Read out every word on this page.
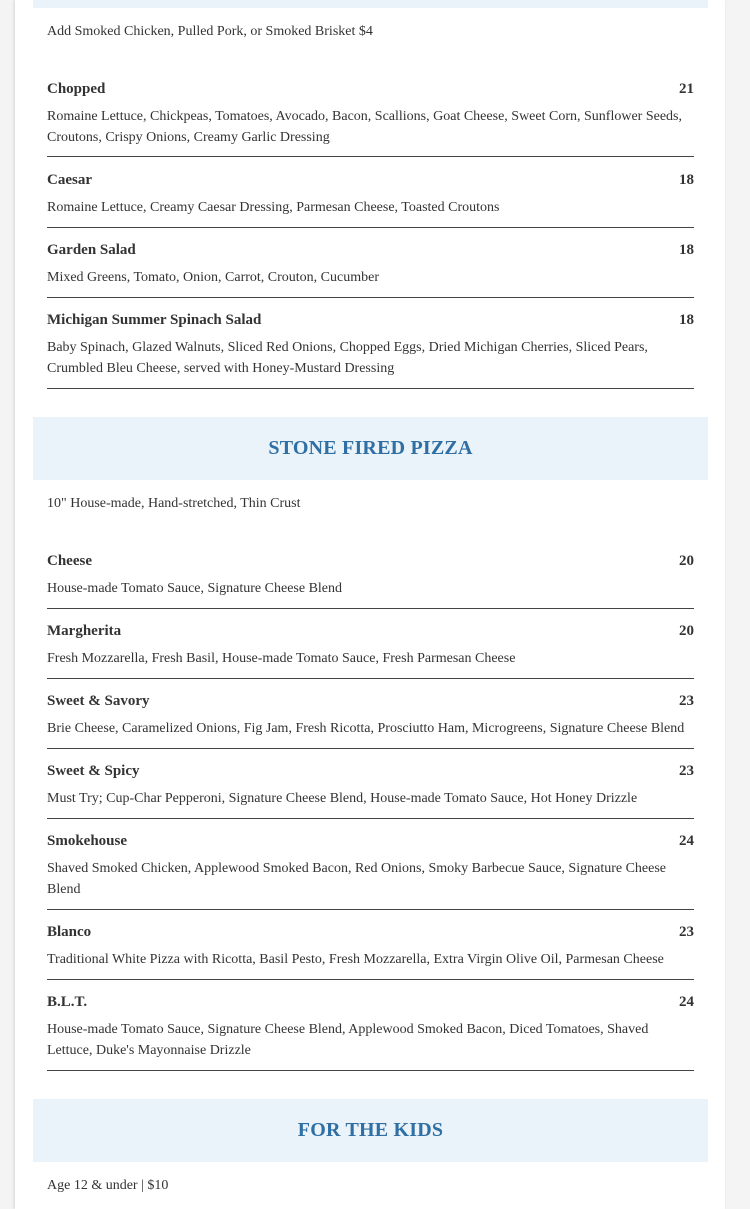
Add Smoked Chicken, Pulled Pork, or Smoked Brisket $4
Chopped	21
Romaine Lettuce, Chickpeas, Tomatoes, Avocado, Bacon, Scallions, Goat Cheese, Sweet Corn, Sunflower Seeds, Croutons, Crispy Onions, Creamy Garlic Dressing
Caesar	18
Romaine Lettuce, Creamy Caesar Dressing, Parmesan Cheese, Toasted Croutons
Garden Salad	18
Mixed Greens, Tomato, Onion, Carrot, Crouton, Cucumber
Michigan Summer Spinach Salad	18
Baby Spinach, Glazed Walnuts, Sliced Red Onions, Chopped Eggs, Dried Michigan Cherries, Sliced Pears, Crumbled Bleu Cheese, served with Honey-Mustard Dressing
STONE FIRED PIZZA
10" House-made, Hand-stretched, Thin Crust
Cheese	20
House-made Tomato Sauce, Signature Cheese Blend
Margherita	20
Fresh Mozzarella, Fresh Basil, House-made Tomato Sauce, Fresh Parmesan Cheese
Sweet & Savory	23
Brie Cheese, Caramelized Onions, Fig Jam, Fresh Ricotta, Prosciutto Ham, Microgreens, Signature Cheese Blend
Sweet & Spicy	23
Must Try; Cup-Char Pepperoni, Signature Cheese Blend, House-made Tomato Sauce, Hot Honey Drizzle
Smokehouse	24
Shaved Smoked Chicken, Applewood Smoked Bacon, Red Onions, Smoky Barbecue Sauce, Signature Cheese Blend
Blanco	23
Traditional White Pizza with Ricotta, Basil Pesto, Fresh Mozzarella, Extra Virgin Olive Oil, Parmesan Cheese
B.L.T.	24
House-made Tomato Sauce, Signature Cheese Blend, Applewood Smoked Bacon, Diced Tomatoes, Shaved Lettuce, Duke's Mayonnaise Drizzle
FOR THE KIDS
Age 12 & under | $10
